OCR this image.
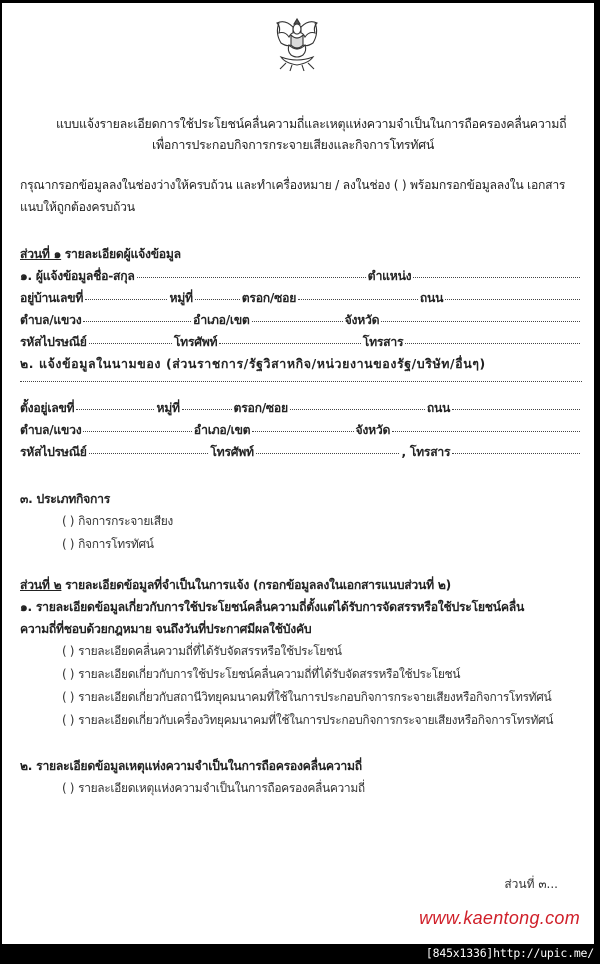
แบบแจ้งรายละเอียดการใช้ประโยชน์คลื่นความถี่และเหตุแห่งความจำเป็นในการถือครองคลื่นความถี่
เพื่อการประกอบกิจการกระจายเสียงและกิจการโทรทัศน์
กรุณากรอกข้อมูลลงในช่องว่างให้ครบถ้วน และทำเครื่องหมาย / ลงในช่อง ( ) พร้อมกรอกข้อมูลลงใน เอกสารแนบให้ถูกต้องครบถ้วน
ส่วนที่ ๑ รายละเอียดผู้แจ้งข้อมูล
๑. ผู้แจ้งข้อมูลชื่อ-สกุล	ตำแหน่ง
อยู่บ้านเลขที่	หมู่ที่	ตรอก/ซอย	ถนน
ตำบล/แขวง	อำเภอ/เขต	จังหวัด
รหัสไปรษณีย์	โทรศัพท์	โทรสาร
๒. แจ้งข้อมูลในนามของ (ส่วนราชการ/รัฐวิสาหกิจ/หน่วยงานของรัฐ/บริษัท/อื่นๆ)
ตั้งอยู่เลขที่	หมู่ที่	ตรอก/ซอย	ถนน
ตำบล/แขวง	อำเภอ/เขต	จังหวัด
รหัสไปรษณีย์	โทรศัพท์	, โทรสาร
๓. ประเภทกิจการ
( ) กิจการกระจายเสียง
( ) กิจการโทรทัศน์
ส่วนที่ ๒ รายละเอียดข้อมูลที่จำเป็นในการแจ้ง (กรอกข้อมูลลงในเอกสารแนบส่วนที่ ๒)
๑. รายละเอียดข้อมูลเกี่ยวกับการใช้ประโยชน์คลื่นความถี่ตั้งแต่ได้รับการจัดสรรหรือใช้ประโยชน์คลื่น
ความถี่ที่ชอบด้วยกฎหมาย จนถึงวันที่ประกาศมีผลใช้บังคับ
( ) รายละเอียดคลื่นความถี่ที่ได้รับจัดสรรหรือใช้ประโยชน์
( ) รายละเอียดเกี่ยวกับการใช้ประโยชน์คลื่นความถี่ที่ได้รับจัดสรรหรือใช้ประโยชน์
( ) รายละเอียดเกี่ยวกับสถานีวิทยุคมนาคมที่ใช้ในการประกอบกิจการกระจายเสียงหรือกิจการโทรทัศน์
( ) รายละเอียดเกี่ยวกับเครื่องวิทยุคมนาคมที่ใช้ในการประกอบกิจการกระจายเสียงหรือกิจการโทรทัศน์
๒. รายละเอียดข้อมูลเหตุแห่งความจำเป็นในการถือครองคลื่นความถี่
( ) รายละเอียดเหตุแห่งความจำเป็นในการถือครองคลื่นความถี่
ส่วนที่ ๓...
www.kaentong.com
[845x1336]http://upic.me/
